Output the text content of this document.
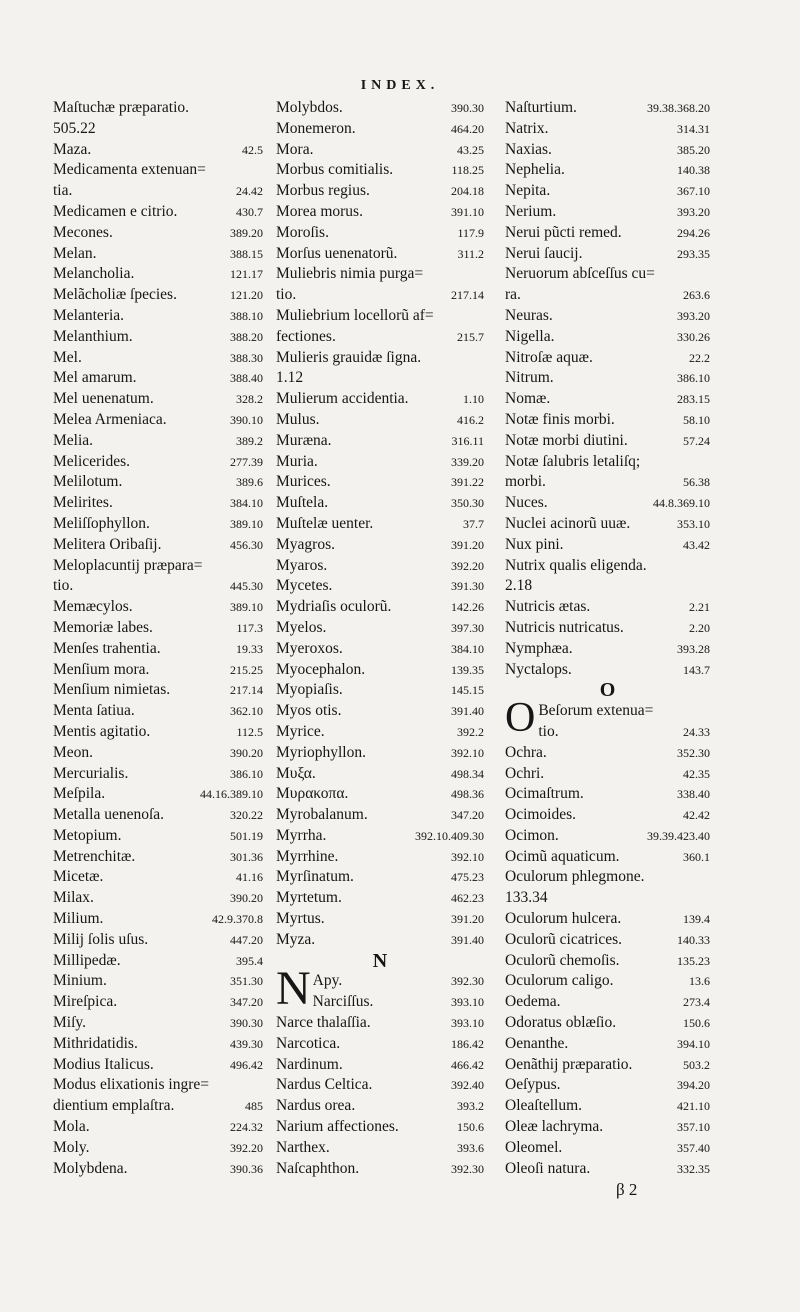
INDEX.
Maſtuchæ præparatio.
505.22
Maza.	42.5
Medicamenta extenuan=
tia.	24.42
Medicamen e citrio.	430.7
Mecones.	389.20
Melan.	388.15
Melancholia.	121.17
Melãcholiæ ſpecies.	121.20
Melanteria.	388.10
Melanthium.	388.20
Mel.	388.30
Mel amarum.	388.40
Mel uenenatum.	328.2
Melea Armeniaca.	390.10
Melia.	389.2
Melicerides.	277.39
Melilotum.	389.6
Melirites.	384.10
Meliſſophyllon.	389.10
Melitera Oribaſij.	456.30
Meloplacuntij præpara=
tio.	445.30
Memæcylos.	389.10
Memoriæ labes.	117.3
Menſes trahentia.	19.33
Menſium mora.	215.25
Menſium nimietas.	217.14
Menta ſatiua.	362.10
Mentis agitatio.	112.5
Meon.	390.20
Mercurialis.	386.10
Meſpila.	44.16.389.10
Metalla uenenoſa.	320.22
Metopium.	501.19
Metrenchitæ.	301.36
Micetæ.	41.16
Milax.	390.20
Milium.	42.9.370.8
Milij ſolis uſus.	447.20
Millipedæ.	395.4
Minium.	351.30
Mireſpica.	347.20
Miſy.	390.30
Mithridatidis.	439.30
Modius Italicus.	496.42
Modus elixationis ingre=
dientium emplaſtra.	485
Mola.	224.32
Moly.	392.20
Molybdena.	390.36
Molybdos.	390.30
Monemeron.	464.20
Mora.	43.25
Morbus comitialis.	118.25
Morbus regius.	204.18
Morea morus.	391.10
Moroſis.	117.9
Morſus uenenatorũ.	311.2
Muliebris nimia purga=
tio.	217.14
Muliebrium locellorũ af=
fectiones.	215.7
Mulieris grauidæ ſigna.
1.12
Mulierum accidentia.	1.10
Mulus.	416.2
Muræna.	316.11
Muria.	339.20
Murices.	391.22
Muſtela.	350.30
Muſtelæ uenter.	37.7
Myagros.	391.20
Myaros.	392.20
Mycetes.	391.30
Mydriaſis oculorũ.	142.26
Myelos.	397.30
Myeroxos.	384.10
Myocephalon.	139.35
Myopiaſis.	145.15
Myos otis.	391.40
Myrice.	392.2
Myriophyllon.	392.10
Μυξα.	498.34
Μυρακοπα.	498.36
Myrobalanum.	347.20
Myrrha.	392.10.409.30
Myrrhine.	392.10
Myrſinatum.	475.23
Myrtetum.	462.23
Myrtus.	391.20
Myza.	391.40
N
N Apy.	392.30
Narciſſus.	393.10
Narce thalaſſia.	393.10
Narcotica.	186.42
Nardinum.	466.42
Nardus Celtica.	392.40
Nardus orea.	393.2
Narium affectiones.	150.6
Narthex.	393.6
Naſcaphthon.	392.30
Naſturtium.	39.38.368.20
Natrix.	314.31
Naxias.	385.20
Nephelia.	140.38
Nepita.	367.10
Nerium.	393.20
Nerui pũcti remed.	294.26
Nerui ſaucij.	293.35
Neruorum abſceſſus cu=
ra.	263.6
Neuras.	393.20
Nigella.	330.26
Nitroſæ aquæ.	22.2
Nitrum.	386.10
Nomæ.	283.15
Notæ finis morbi.	58.10
Notæ morbi diutini.	57.24
Notæ ſalubris letaliſq;
morbi.	56.38
Nuces.	44.8.369.10
Nuclei acinorũ uuæ.	353.10
Nux pini.	43.42
Nutrix qualis eligenda.
2.18
Nutricis ætas.	2.21
Nutricis nutricatus.	2.20
Nymphæa.	393.28
Nyctalops.	143.7
O
O Beſorum extenua=
tio.	24.33
Ochra.	352.30
Ochri.	42.35
Ocimaſtrum.	338.40
Ocimoides.	42.42
Ocimon.	39.39.423.40
Ocimũ aquaticum.	360.1
Oculorum phlegmone.
133.34
Oculorum hulcera.	139.4
Oculorũ cicatrices.	140.33
Oculorũ chemoſis.	135.23
Oculorum caligo.	13.6
Oedema.	273.4
Odoratus oblæſio.	150.6
Oenanthe.	394.10
Oenãthij præparatio.	503.2
Oeſypus.	394.20
Oleaſtellum.	421.10
Oleæ lachryma.	357.10
Oleomel.	357.40
Oleoſi natura.	332.35
β 2
